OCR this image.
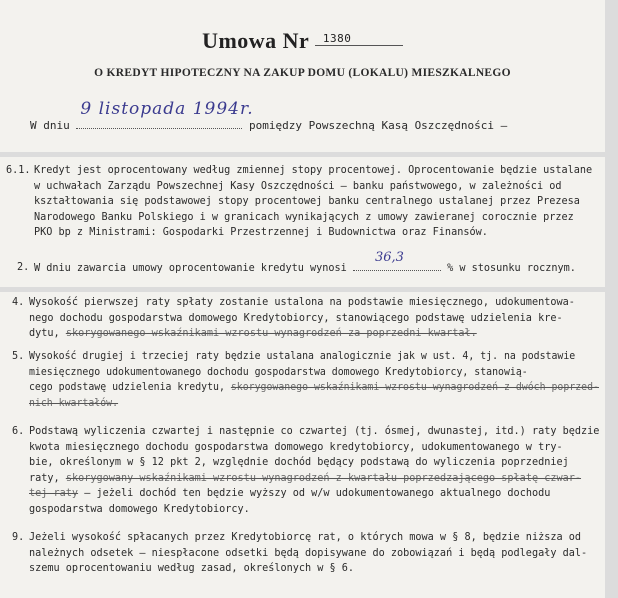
Umowa Nr 1380
O KREDYT HIPOTECZNY NA ZAKUP DOMU (LOKALU) MIESZKALNEGO
W dniu
9 listopada 1994r.
pomiędzy Powszechną Kasą Oszczędności —
6.1. Kredyt jest oprocentowany według zmiennej stopy procentowej. Oprocentowanie będzie ustalane
w uchwałach Zarządu Powszechnej Kasy Oszczędności — banku państwowego, w zależności od
kształtowania się podstawowej stopy procentowej banku centralnego ustalanej przez Prezesa
Narodowego Banku Polskiego i w granicach wynikających z umowy zawieranej corocznie przez
PKO bp z Ministrami: Gospodarki Przestrzennej i Budownictwa oraz Finansów.
2. W dniu zawarcia umowy oprocentowanie kredytu wynosi
36,3
% w stosunku rocznym.
4. Wysokość pierwszej raty spłaty zostanie ustalona na podstawie miesięcznego, udokumentowa-
nego dochodu gospodarstwa domowego Kredytobiorcy, stanowiącego podstawę udzielenia kre-
dytu, skorygowanego wskaźnikami wzrostu wynagrodzeń za poprzedni kwartał.
5. Wysokość drugiej i trzeciej raty będzie ustalana analogicznie jak w ust. 4, tj. na podstawie
miesięcznego udokumentowanego dochodu gospodarstwa domowego Kredytobiorcy, stanowią-
cego podstawę udzielenia kredytu, skorygowanego wskaźnikami wzrostu wynagrodzeń z dwóch poprzed-
nich kwartałów.
6. Podstawą wyliczenia czwartej i następnie co czwartej (tj. ósmej, dwunastej, itd.) raty będzie
kwota miesięcznego dochodu gospodarstwa domowego kredytobiorcy, udokumentowanego w try-
bie, określonym w § 12 pkt 2, względnie dochód będący podstawą do wyliczenia poprzedniej
raty, skorygowany wskaźnikami wzrostu wynagrodzeń z kwartału poprzedzającego spłatę czwar-
tej raty — jeżeli dochód ten będzie wyższy od w/w udokumentowanego aktualnego dochodu
gospodarstwa domowego Kredytobiorcy.
9. Jeżeli wysokość spłacanych przez Kredytobiorcę rat, o których mowa w § 8, będzie niższa od
należnych odsetek — niespłacone odsetki będą dopisywane do zobowiązań i będą podlegały dal-
szemu oprocentowaniu według zasad, określonych w § 6.
